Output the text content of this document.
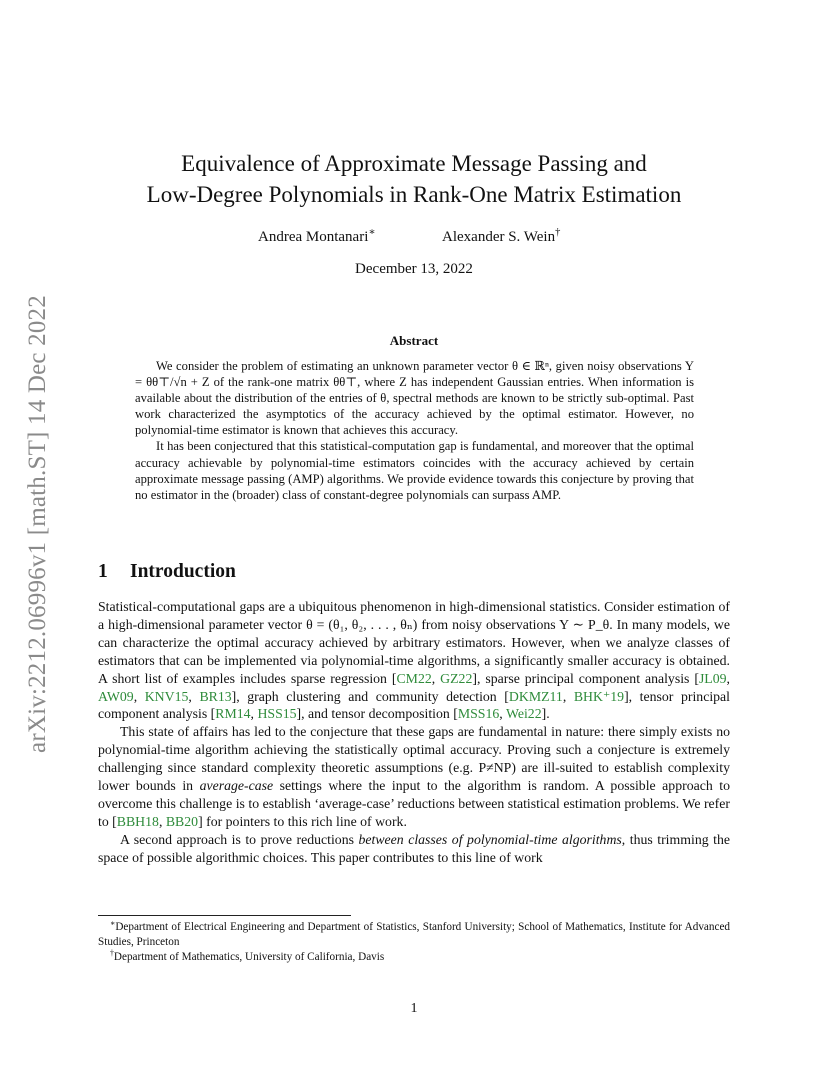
arXiv:2212.06996v1 [math.ST] 14 Dec 2022
Equivalence of Approximate Message Passing and
Low-Degree Polynomials in Rank-One Matrix Estimation
Andrea Montanari∗	Alexander S. Wein†
December 13, 2022
Abstract

We consider the problem of estimating an unknown parameter vector θ ∈ ℝⁿ, given noisy observations Y = θθ⊤/√n + Z of the rank-one matrix θθ⊤, where Z has independent Gaussian entries. When information is available about the distribution of the entries of θ, spectral methods are known to be strictly sub-optimal. Past work characterized the asymptotics of the accuracy achieved by the optimal estimator. However, no polynomial-time estimator is known that achieves this accuracy.

It has been conjectured that this statistical-computation gap is fundamental, and moreover that the optimal accuracy achievable by polynomial-time estimators coincides with the accuracy achieved by certain approximate message passing (AMP) algorithms. We provide evidence towards this conjecture by proving that no estimator in the (broader) class of constant-degree polynomials can surpass AMP.

1 Introduction

Statistical-computational gaps are a ubiquitous phenomenon in high-dimensional statistics. Consider estimation of a high-dimensional parameter vector θ = (θ₁, θ₂, . . . , θₙ) from noisy observations Y ∼ P_θ. In many models, we can characterize the optimal accuracy achieved by arbitrary estimators. However, when we analyze classes of estimators that can be implemented via polynomial-time algorithms, a significantly smaller accuracy is obtained. A short list of examples includes sparse regression [CM22, GZ22], sparse principal component analysis [JL09, AW09, KNV15, BR13], graph clustering and community detection [DKMZ11, BHK⁺19], tensor principal component analysis [RM14, HSS15], and tensor decomposition [MSS16, Wei22].

This state of affairs has led to the conjecture that these gaps are fundamental in nature: there simply exists no polynomial-time algorithm achieving the statistically optimal accuracy. Proving such a conjecture is extremely challenging since standard complexity theoretic assumptions (e.g. P≠NP) are ill-suited to establish complexity lower bounds in average-case settings where the input to the algorithm is random. A possible approach to overcome this challenge is to establish ‘average-case’ reductions between statistical estimation problems. We refer to [BBH18, BB20] for pointers to this rich line of work.

A second approach is to prove reductions between classes of polynomial-time algorithms, thus trimming the space of possible algorithmic choices. This paper contributes to this line of work

∗Department of Electrical Engineering and Department of Statistics, Stanford University; School of Mathematics, Institute for Advanced Studies, Princeton

†Department of Mathematics, University of California, Davis

1
